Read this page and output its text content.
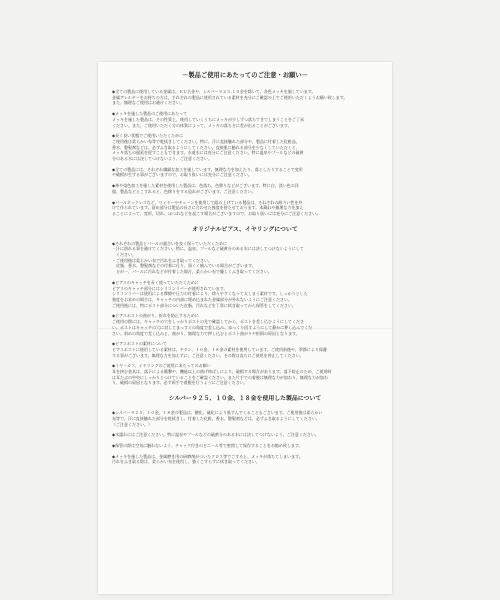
－製品ご使用にあたってのご注意・お願い－
◆全ての製品に使用している金属は、ＥＵ合金や、シルバー９２５.１０金を除いて、各色メッキを施しています。
金属アレルギーをお持ちの方は、それぞれの製品に使用されている素材を充分にご確認の上でご使用いただくようお願い致します。
また、無理なご使用はお避けください。
◆メッキを施した製品のご使用にあたって
メッキを施した製品は、その性質上、使用していくうちにメッキが少しずつ落ちてきてしまうことをご了承
ください。また、ご使用いただく方の体質によって、メッキの落ち方に差が出ることがございます。
◆長く良い状態でご使用いただくために
ご使用後は柔らかい布等で乾拭きしてください。特に、汗に直接触れた部分や、製品に付着した化粧品、
香水、整髪剤などは、必ずふき取るようにしてください。直接肌に触れる部分を少なくしていただくと、
メッキ落ちの遅延を促すこともできます。水道水には充分にご注意ください。特に温泉やプールなどの硫黄
分のある水には決してつけないよう、ご注意ください。
◆全ての製品には、それぞれ繊細な加工を施しています。無理な力を加えたり、落としたりすることで変形
や破損が生ずる事がございますので、お取り扱いには充分にご注意ください。
◆革や染色加工を施した素材を使用した製品は、色落ち、色移りなどがございます。特に白、淡い色の洋
服、製品などとこすれると、色移りをする恐れがございます。ご注意ください。
◆パールネックレスなど、ワイヤーやチェーンを使用して組み上げている製品は、それぞれの耐力い性を弁
けて作られています。留め部分は製品の長さに合わせた強度を持たせております。本蔵れや無理な力を加え
ることによって、変形、切れ、ほつれなどを起こす場合がございますので、お取り扱いには充分にご注意ください。
オリジナルピアス、イヤリングについて
◆それぞれの製品とパールの風合いを良く保っていただくために
・汗に溶れる事を避けてください。特に、温泉、プールなど硫黄分のある水には決してつけないようにして
　ください。
・ご使用後は柔らかい布で汚れをふき取ってください。
　皮脂、香水、整髪剤などの付着に仕り、黒くく痛んでいる場合がございます。
　万が一、パールに汚れなどが付着した場合、柔らかい布で優しくふき取ってください。
◆ピアスのキャッチを長く使っていただくために
ピアスのキャッチ部分にはシリコンラバーが使用されています。
シリコンラバーは使用による摩擦や圧力の付着により、徐々やすくなって太しまう素材です。しっかりとした
強度をお求めの場合は、キャッチの内部に埋め込まれた金属部分が外れないようにご注意ください。
ご使用後には、特にポスト部分についた皮脂、汚れなどを丁寧に拭き取ってから保管をしてください。
◆ピアスポストの曲がり、折れを防止するために
ご使用の際には、キャッチの穴をしっかりポストの先で確認してから、ポストを差し込むようにしてくださ
い。ポストはキャッチの穴に対してまっすぐの角度で差し込み、ゆっくり回すようにして静かに押し込んでくだ
さい。斜めの角度で差し込みと、曲がり、無理な力で押し込むとポスト曲がりや折損の原因となります。
◆ピアスポストの素材について
ピアスポストに使用している素材は、チタン、１０金、１８金の素材を使用しています。ご使用前後や、季節により保護
する事がございます。無理な力を加えずに、ご注意ください。その際は直ちにご使用を停止してください。
◆イヤーカフ、イヤリングのご使用にあたってのお願い
耳を挟む金具は、落下による衝撃や、機能以上の曲げ伸ばしにより、破損する場合があります。落下防止のため、ご使用時
は耳たぶの中央にしっかりとつけていることをご確認ください。また片手での着脱は無理な力が加わり、無理な力が加わ
り、破損の原因となります。必ず両手で着脱を行うようにご注意ください。
シルバー９２５、１０金、１８金を使用した製品について
◆シルバー９２５、１０金、１８金の製品は、酸化、硫化により黒ずんでくることもございます。ご使用後は柔らかい
布等で、汗に直接触れた部分を乾拭きし、付着した化粧、香水、整髪剤などは、必ずふき取るようにしてください。
（ご注意ください。）
◆水濡れにはご注意ください。特に温泉やプールなどの硫黄分のある水には決してつけないよう、ご注意ください。
◆保管の際は空気に触れないよう、チャック付きのビニール等で密閉して保存することをお勧め致します。
◆メッキを施した製品は、金属磨き用の研磨剤がついたクロス等でこすると、メッキが落ちてしまいます。
汚れをふき取る際は、柔らかい布を使用し、強くこすらずに拭き取ってください。
